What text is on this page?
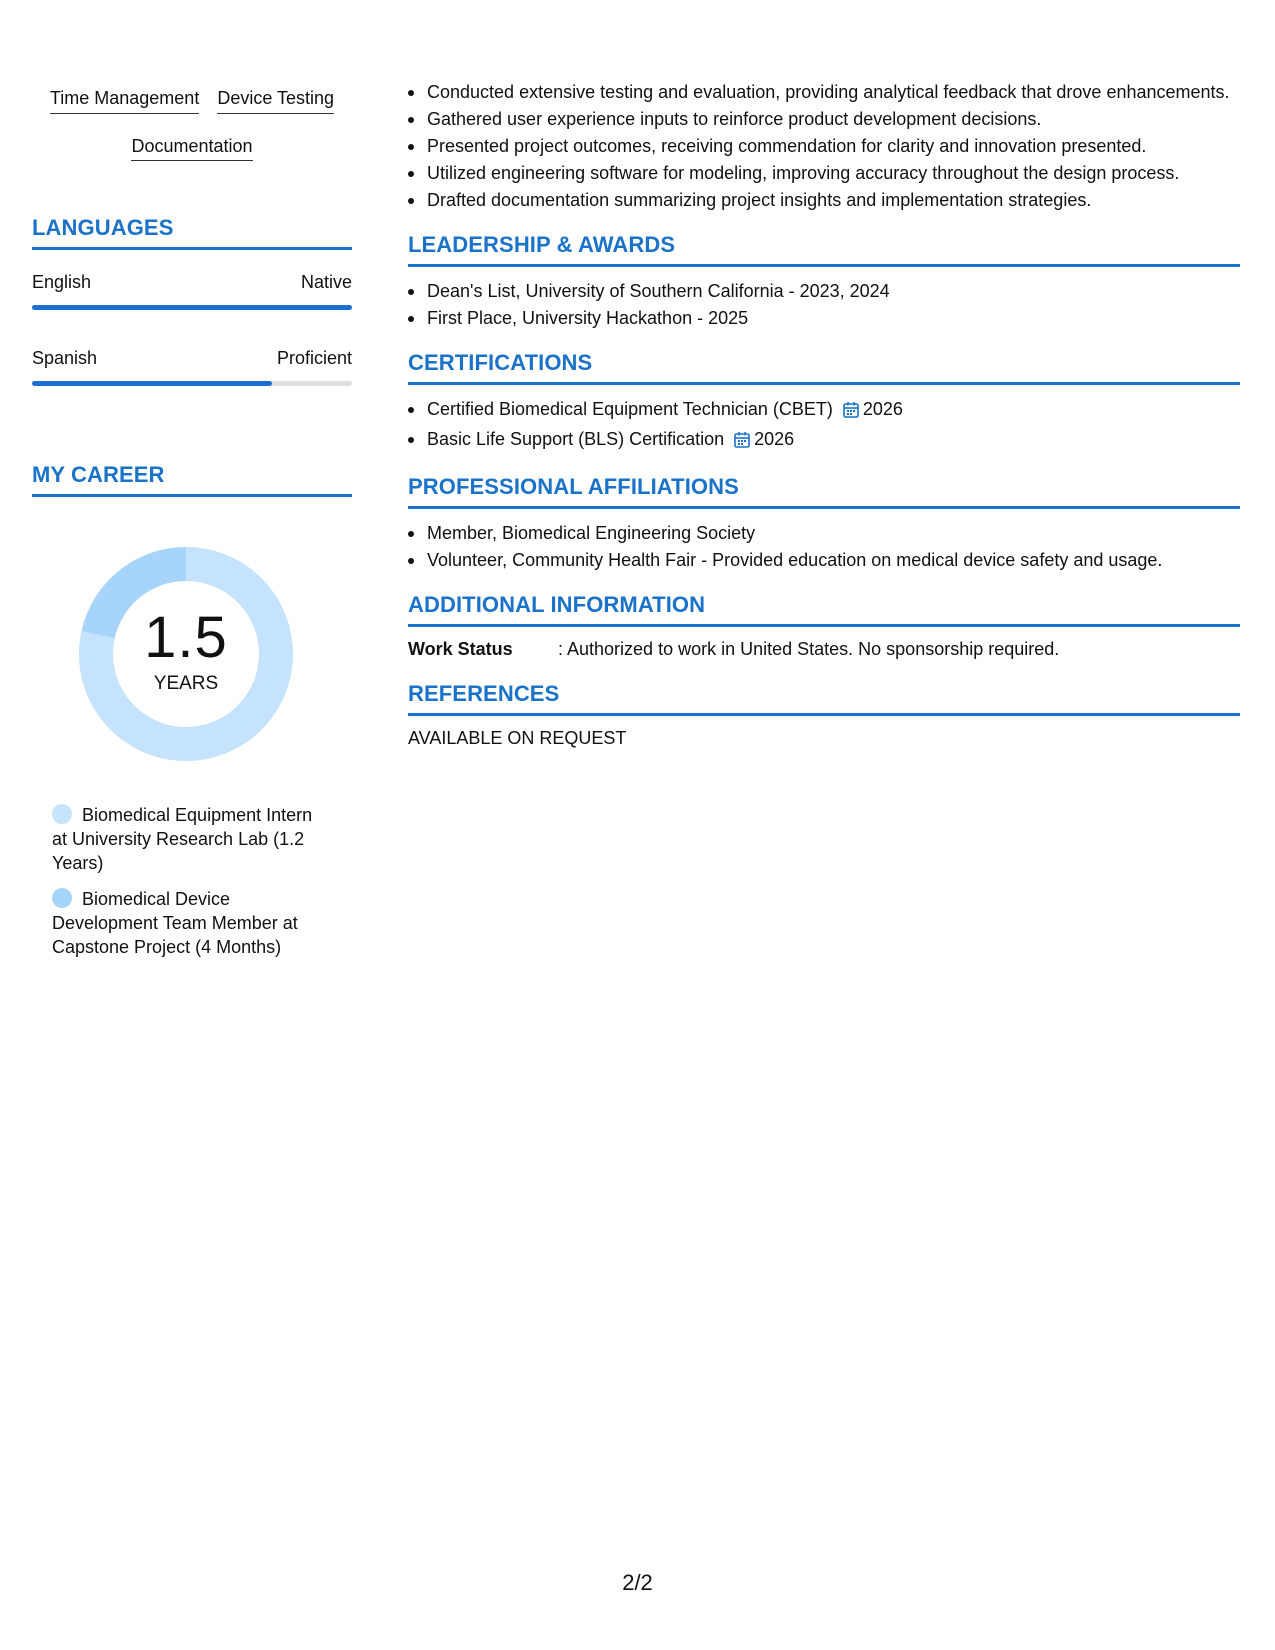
Time Management Device Testing
Documentation
LANGUAGES
English	Native
Spanish	Proficient
MY CAREER
1.5
YEARS
Biomedical Equipment Intern at University Research Lab (1.2 Years)
Biomedical Device Development Team Member at Capstone Project (4 Months)
Conducted extensive testing and evaluation, providing analytical feedback that drove enhancements.
Gathered user experience inputs to reinforce product development decisions.
Presented project outcomes, receiving commendation for clarity and innovation presented.
Utilized engineering software for modeling, improving accuracy throughout the design process.
Drafted documentation summarizing project insights and implementation strategies.
LEADERSHIP & AWARDS
Dean's List, University of Southern California - 2023, 2024
First Place, University Hackathon - 2025
CERTIFICATIONS
Certified Biomedical Equipment Technician (CBET) 2026
Basic Life Support (BLS) Certification 2026
PROFESSIONAL AFFILIATIONS
Member, Biomedical Engineering Society
Volunteer, Community Health Fair - Provided education on medical device safety and usage.
ADDITIONAL INFORMATION
Work Status	: Authorized to work in United States. No sponsorship required.
REFERENCES
AVAILABLE ON REQUEST
2/2
